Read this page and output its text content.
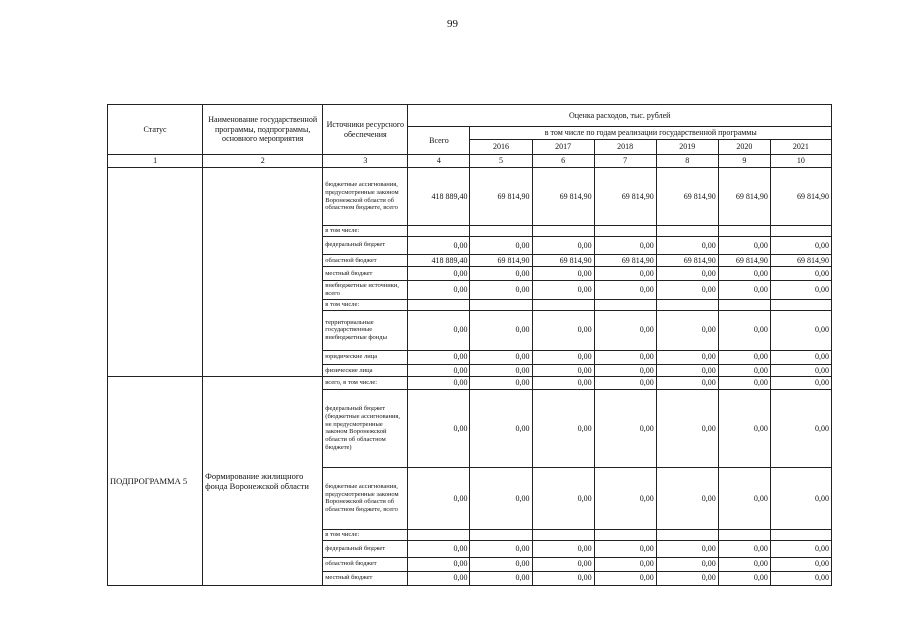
99
Статус	Наименование государственной программы, подпрограммы, основного мероприятия	Источники ресурсного обеспечения	Оценка расходов, тыс. рублей						
			Всего	в том числе по годам реализации государственной программы					
				2016	2017	2018	2019	2020	2021
1	2	3	4	5	6	7	8	9	10
		бюджетные ассигнования, предусмотренные законом Воронежской области об областном бюджете, всего	418 889,40	69 814,90	69 814,90	69 814,90	69 814,90	69 814,90	69 814,90
		в том числе:							
		федеральный бюджет	0,00	0,00	0,00	0,00	0,00	0,00	0,00
		областной бюджет	418 889,40	69 814,90	69 814,90	69 814,90	69 814,90	69 814,90	69 814,90
		местный бюджет	0,00	0,00	0,00	0,00	0,00	0,00	0,00
		внебюджетные источники, всего	0,00	0,00	0,00	0,00	0,00	0,00	0,00
		в том числе:							
		территориальные государственные внебюджетные фонды	0,00	0,00	0,00	0,00	0,00	0,00	0,00
		юридические лица	0,00	0,00	0,00	0,00	0,00	0,00	0,00
		физические лица	0,00	0,00	0,00	0,00	0,00	0,00	0,00
ПОДПРОГРАММА 5	Формирование жилищного фонда Воронежской области	всего, в том числе:	0,00	0,00	0,00	0,00	0,00	0,00	0,00
		федеральный бюджет (бюджетные ассигнования, не предусмотренные законом Воронежской области об областном бюджете)	0,00	0,00	0,00	0,00	0,00	0,00	0,00
		бюджетные ассигнования, предусмотренные законом Воронежской области об областном бюджете, всего	0,00	0,00	0,00	0,00	0,00	0,00	0,00
		в том числе:							
		федеральный бюджет	0,00	0,00	0,00	0,00	0,00	0,00	0,00
		областной бюджет	0,00	0,00	0,00	0,00	0,00	0,00	0,00
		местный бюджет	0,00	0,00	0,00	0,00	0,00	0,00	0,00
